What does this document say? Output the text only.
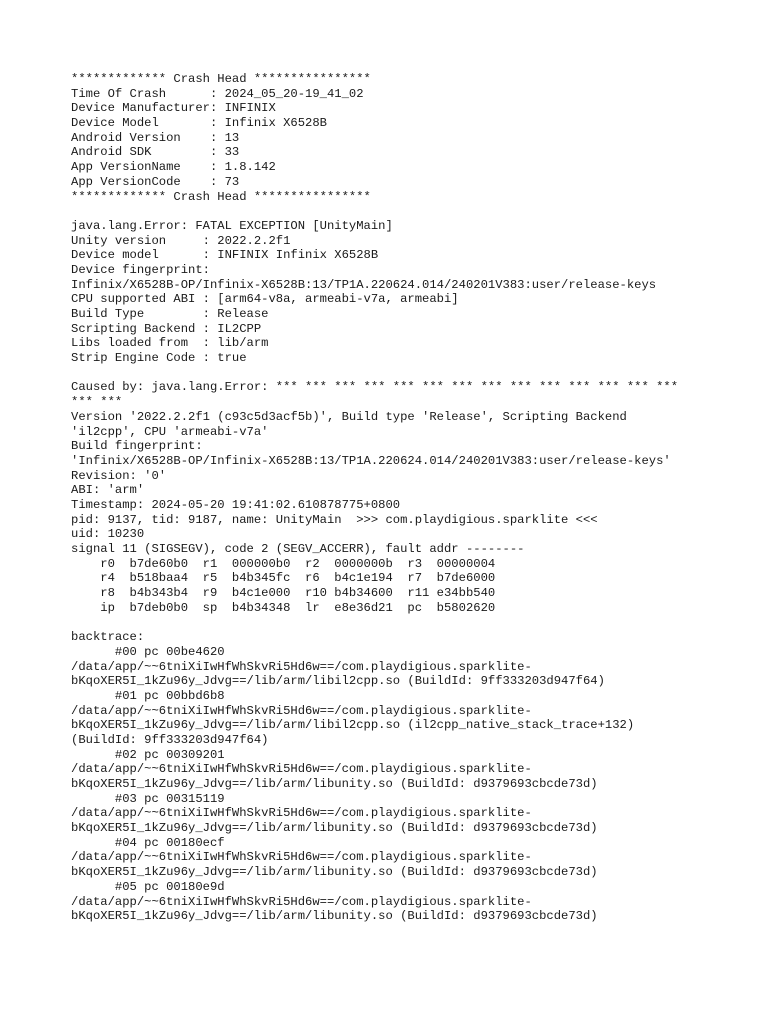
************* Crash Head ****************
Time Of Crash      : 2024_05_20-19_41_02
Device Manufacturer: INFINIX
Device Model       : Infinix X6528B
Android Version    : 13
Android SDK        : 33
App VersionName    : 1.8.142
App VersionCode    : 73
************* Crash Head ****************
java.lang.Error: FATAL EXCEPTION [UnityMain]
Unity version     : 2022.2.2f1
Device model      : INFINIX Infinix X6528B
Device fingerprint:
Infinix/X6528B-OP/Infinix-X6528B:13/TP1A.220624.014/240201V383:user/release-keys
CPU supported ABI : [arm64-v8a, armeabi-v7a, armeabi]
Build Type        : Release
Scripting Backend : IL2CPP
Libs loaded from  : lib/arm
Strip Engine Code : true
Caused by: java.lang.Error: *** *** *** *** *** *** *** *** *** *** *** *** *** ***
*** ***
Version '2022.2.2f1 (c93c5d3acf5b)', Build type 'Release', Scripting Backend
'il2cpp', CPU 'armeabi-v7a'
Build fingerprint:
'Infinix/X6528B-OP/Infinix-X6528B:13/TP1A.220624.014/240201V383:user/release-keys'
Revision: '0'
ABI: 'arm'
Timestamp: 2024-05-20 19:41:02.610878775+0800
pid: 9137, tid: 9187, name: UnityMain  >>> com.playdigious.sparklite <<<
uid: 10230
signal 11 (SIGSEGV), code 2 (SEGV_ACCERR), fault addr --------
r0  b7de60b0  r1  000000b0  r2  0000000b  r3  00000004
r4  b518baa4  r5  b4b345fc  r6  b4c1e194  r7  b7de6000
r8  b4b343b4  r9  b4c1e000  r10 b4b34600  r11 e34bb540
ip  b7deb0b0  sp  b4b34348  lr  e8e36d21  pc  b5802620
backtrace:
#00 pc 00be4620
/data/app/~~6tniXiIwHfWhSkvRi5Hd6w==/com.playdigious.sparklite-
bKqoXER5I_1kZu96y_Jdvg==/lib/arm/libil2cpp.so (BuildId: 9ff333203d947f64)
#01 pc 00bbd6b8
/data/app/~~6tniXiIwHfWhSkvRi5Hd6w==/com.playdigious.sparklite-
bKqoXER5I_1kZu96y_Jdvg==/lib/arm/libil2cpp.so (il2cpp_native_stack_trace+132)
(BuildId: 9ff333203d947f64)
#02 pc 00309201
/data/app/~~6tniXiIwHfWhSkvRi5Hd6w==/com.playdigious.sparklite-
bKqoXER5I_1kZu96y_Jdvg==/lib/arm/libunity.so (BuildId: d9379693cbcde73d)
#03 pc 00315119
/data/app/~~6tniXiIwHfWhSkvRi5Hd6w==/com.playdigious.sparklite-
bKqoXER5I_1kZu96y_Jdvg==/lib/arm/libunity.so (BuildId: d9379693cbcde73d)
#04 pc 00180ecf
/data/app/~~6tniXiIwHfWhSkvRi5Hd6w==/com.playdigious.sparklite-
bKqoXER5I_1kZu96y_Jdvg==/lib/arm/libunity.so (BuildId: d9379693cbcde73d)
#05 pc 00180e9d
/data/app/~~6tniXiIwHfWhSkvRi5Hd6w==/com.playdigious.sparklite-
bKqoXER5I_1kZu96y_Jdvg==/lib/arm/libunity.so (BuildId: d9379693cbcde73d)
